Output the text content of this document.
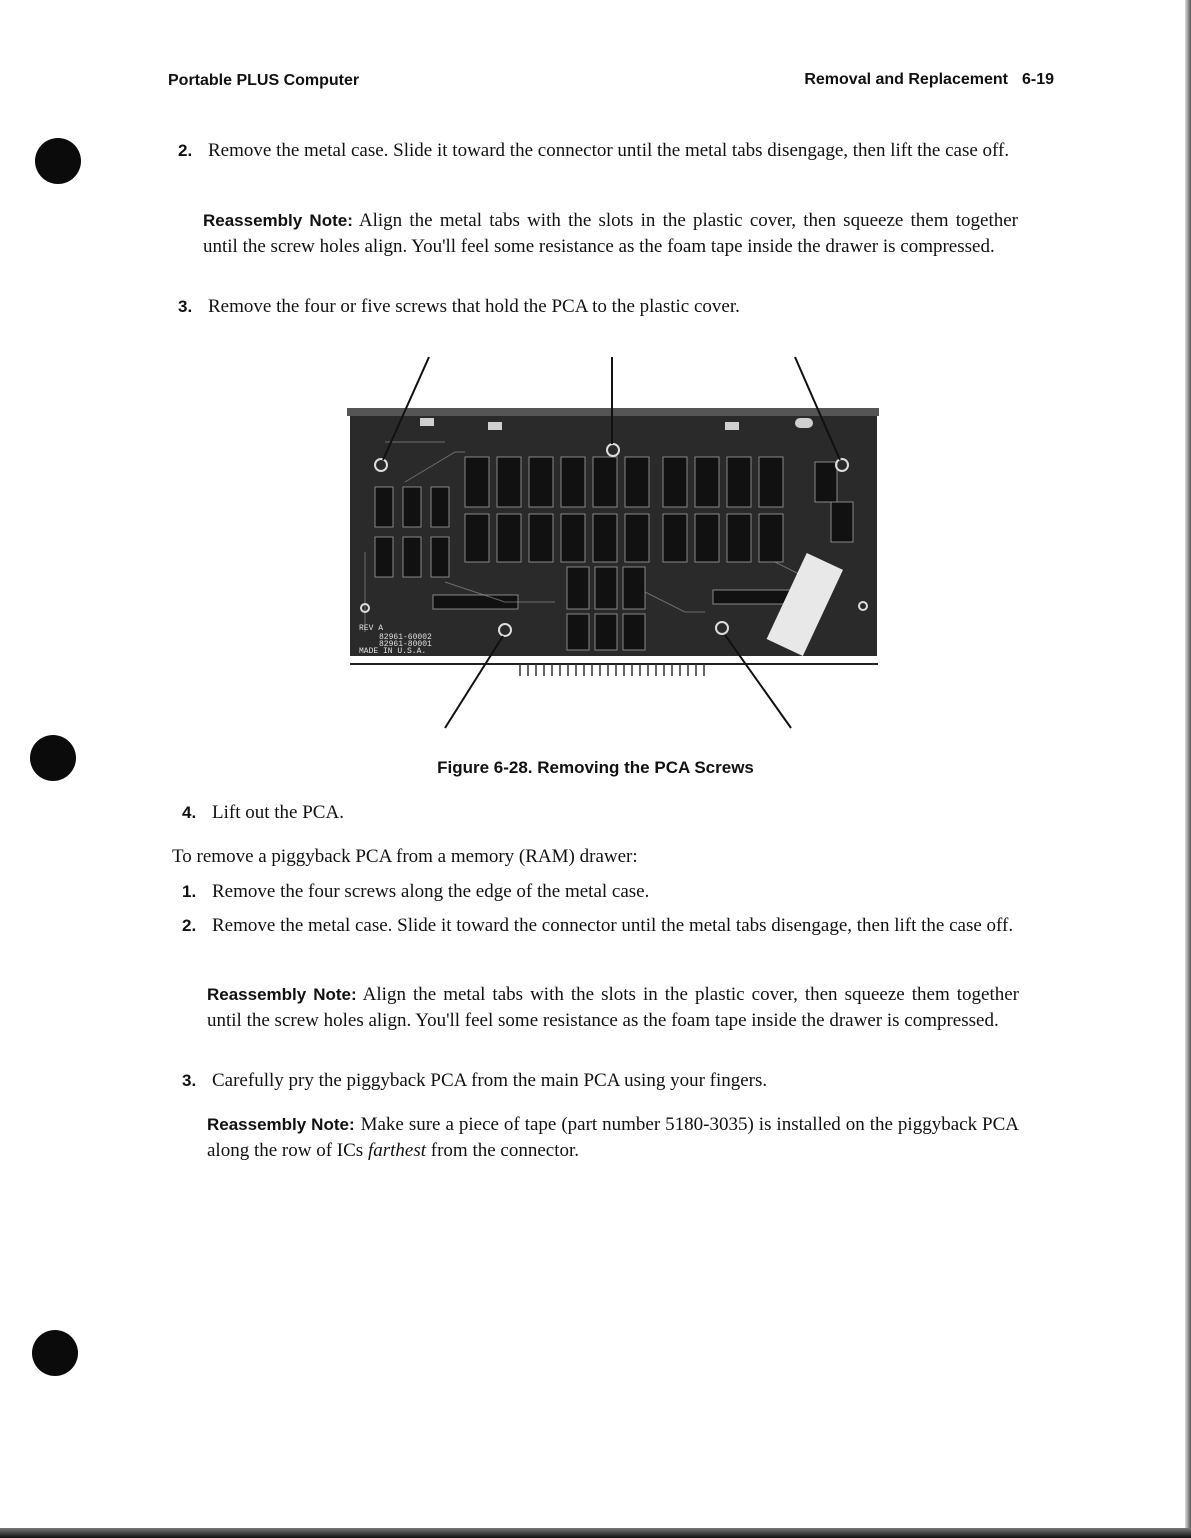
Portable PLUS Computer	Removal and Replacement 6-19
2. Remove the metal case. Slide it toward the connector until the metal tabs disengage, then lift the case off.
Reassembly Note: Align the metal tabs with the slots in the plastic cover, then squeeze them together until the screw holes align. You'll feel some resistance as the foam tape inside the drawer is compressed.
3. Remove the four or five screws that hold the PCA to the plastic cover.
REV A
82961-60002
82961-80001
MADE IN U.S.A.
Figure 6-28. Removing the PCA Screws
4. Lift out the PCA.
To remove a piggyback PCA from a memory (RAM) drawer:
1. Remove the four screws along the edge of the metal case.
2. Remove the metal case. Slide it toward the connector until the metal tabs disengage, then lift the case off.
Reassembly Note: Align the metal tabs with the slots in the plastic cover, then squeeze them together until the screw holes align. You'll feel some resistance as the foam tape inside the drawer is compressed.
3. Carefully pry the piggyback PCA from the main PCA using your fingers.
Reassembly Note: Make sure a piece of tape (part number 5180-3035) is installed on the piggyback PCA along the row of ICs farthest from the connector.
